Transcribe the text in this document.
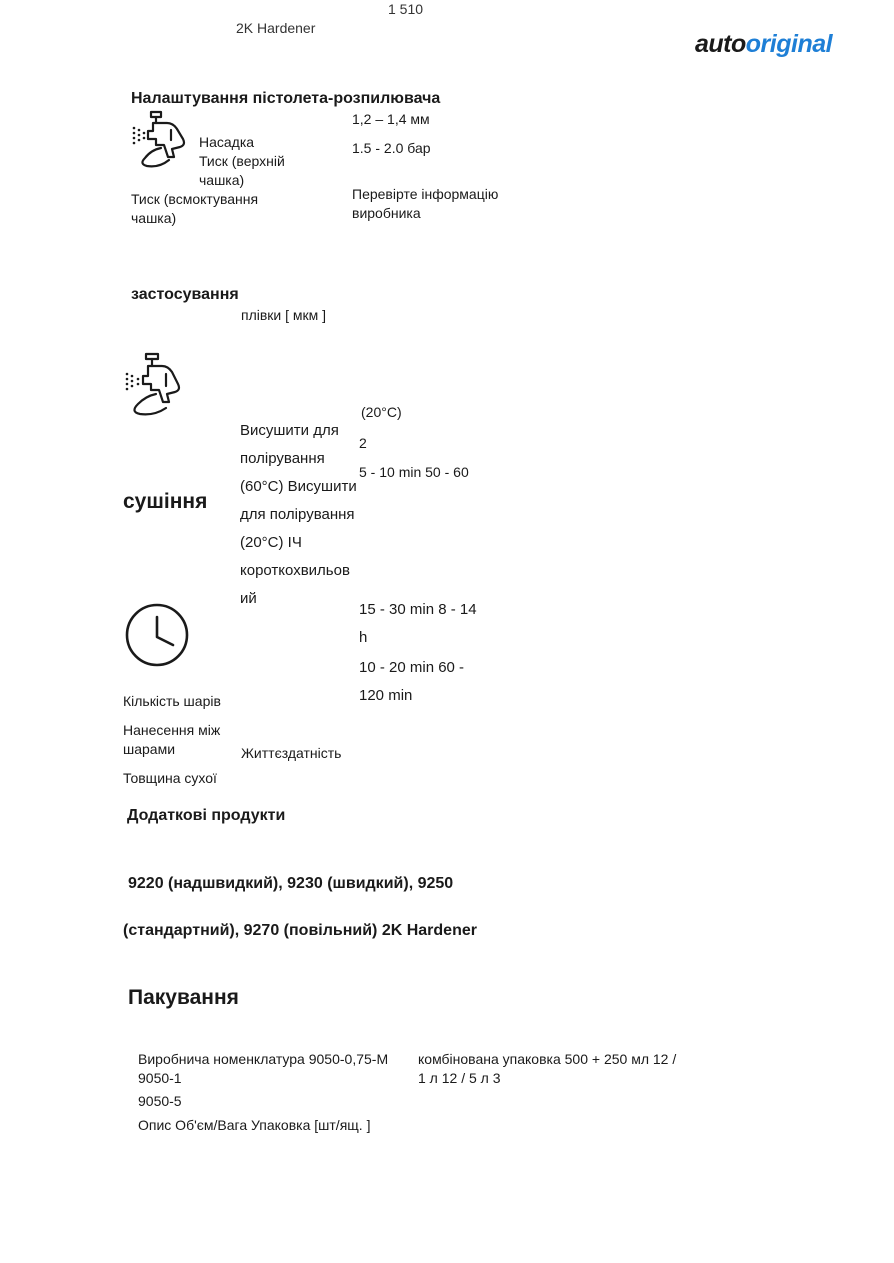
1 510
2K Hardener
autooriginal
Налаштування пістолета-розпилювача
Насадка
Тиск (верхній чашка)
Тиск (всмоктування чашка)
1,2 – 1,4 мм
1.5 - 2.0 бар
Перевірте інформацію виробника
застосування
плівки [ мкм ]
(20°C)
2
5 - 10 min 50 - 60
Висушити для полірування (60°C) Висушити для полірування (20°C) ІЧ короткохвильов ий
сушіння
15 - 30 min 8 - 14
h
10 - 20 min 60 -
120 min
Кількість шарів
Нанесення між шарами
Товщина сухої
Життєздатність
Додаткові продукти
9220 (надшвидкий), 9230 (швидкий), 9250
(стандартний), 9270 (повільний) 2K Hardener
Пакування
Виробнича номенклатура 9050-0,75-М комбінована упаковка 500 + 250 мл 12 /
9050-1	1 л 12 / 5 л 3
9050-5
Опис Об'єм/Вага Упаковка [шт/ящ. ]
